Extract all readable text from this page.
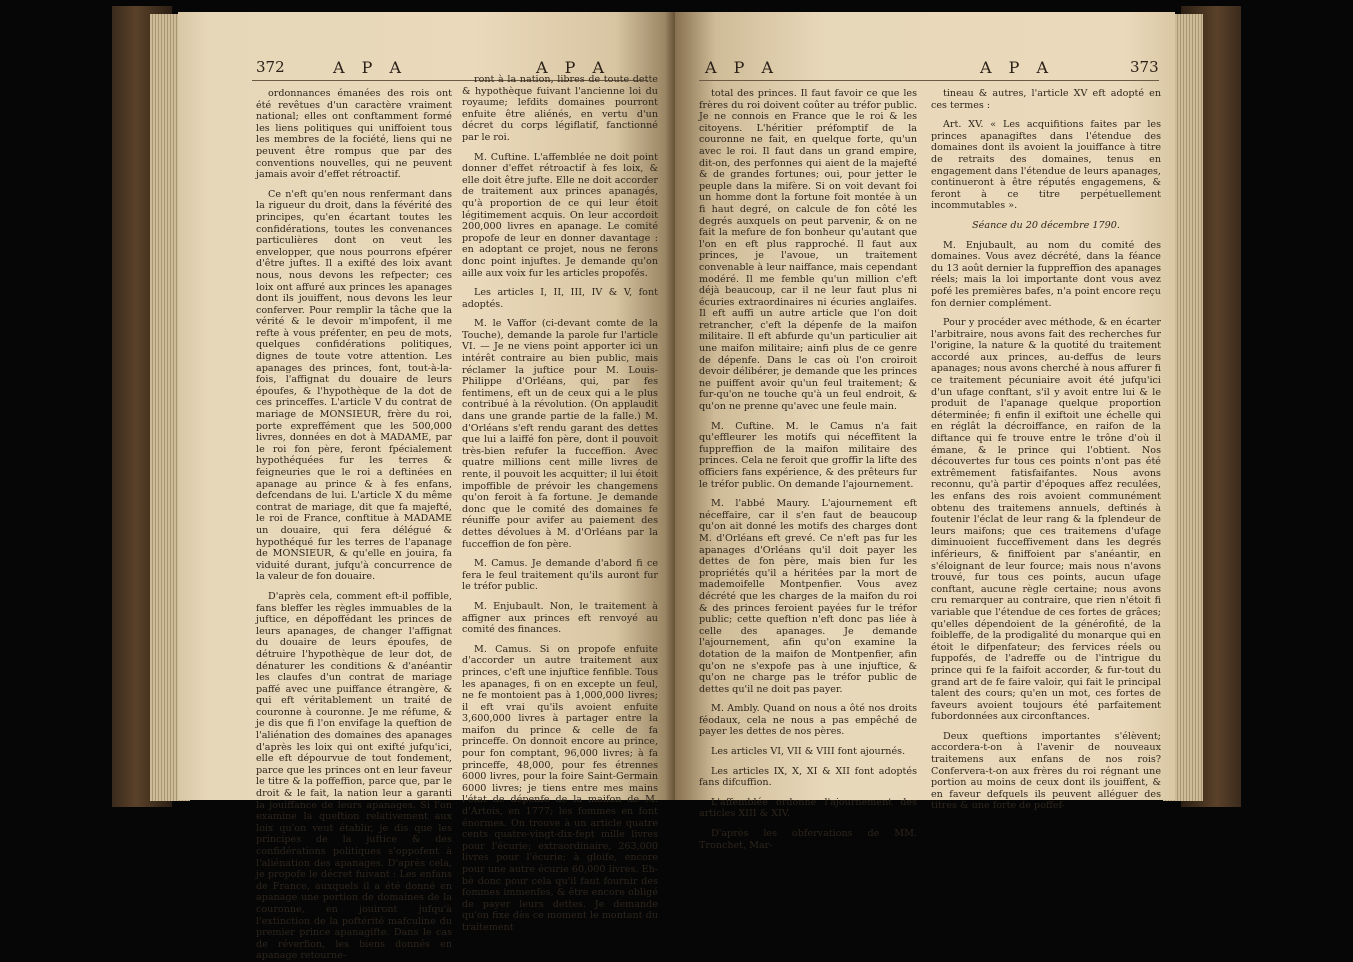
372	A P A	A P A

ordonnances émanées des rois ont été revêtues d'un caractère vraiment national; elles ont conftamment formé les liens politiques qui uniffoient tous les membres de la fociété, liens qui ne peuvent être rompus que par des conventions nouvelles, qui ne peuvent jamais avoir d'effet rétroactif.

Ce n'eft qu'en nous renfermant dans la rigueur du droit, dans la févérité des principes, qu'en écartant toutes les confidérations, toutes les convenances particulières dont on veut les envelopper, que nous pourrons efpérer d'être juftes. Il a exifté des loix avant nous, nous devons les refpecter; ces loix ont affuré aux princes les apanages dont ils jouiffent, nous devons les leur conferver. Pour remplir la tâche que la vérité & le devoir m'impofent, il me refte à vous préfenter, en peu de mots, quelques confidérations politiques, dignes de toute votre attention. Les apanages des princes, font, tout-à-la-fois, l'affignat du douaire de leurs époufes, & l'hypothèque de la dot de ces princeffes. L'article V du contrat de mariage de MONSIEUR, frère du roi, porte expreffément que les 500,000 livres, données en dot à MADAME, par le roi fon père, feront fpécialement hypothéquées fur les terres & feigneuries que le roi a deftinées en apanage au prince & à fes enfans, defcendans de lui. L'article X du même contrat de mariage, dit que fa majefté, le roi de France, conftitue à MADAME un douaire, qui fera délégué & hypothéqué fur les terres de l'apanage de MONSIEUR, & qu'elle en jouira, fa viduité durant, jufqu'à concurrence de la valeur de fon douaire.

D'après cela, comment eft-il poffible, fans bleffer les règles immuables de la juftice, en dépoffédant les princes de leurs apanages, de changer l'affignat du douaire de leurs époufes, de détruire l'hypothèque de leur dot, de dénaturer les conditions & d'anéantir les claufes d'un contrat de mariage paffé avec une puiffance étrangère, & qui eft véritablement un traité de couronne à couronne. Je me réfume, & je dis que fi l'on envifage la queftion de l'aliénation des domaines des apanages d'après les loix qui ont exifté jufqu'ici, elle eft dépourvue de tout fondement, parce que les princes ont en leur faveur le titre & la poffeffion, parce que, par le droit & le fait, la nation leur a garanti la jouiffance de leurs apanages. Si l'on examine la queftion relativement aux loix qu'on veut établir, je dis que les principes de la juftice & des confidérations politiques s'oppofent à l'aliénation des apanages. D'après cela, je propofe le décret fuivant : Les enfans de France, auxquels il a été donné en apanage une portion de domaines de la couronne, en jouiront jufqu'à l'extinction de la poftérité mafculine du premier prince apanagifte. Dans le cas de réverfion, les biens donnés en apanage retourne-

ront à la nation, libres de toute dette & hypothèque fuivant l'ancienne loi du royaume; lefdits domaines pourront enfuite être aliénés, en vertu d'un décret du corps légiflatif, fanctionné par le roi.

M. Cuftine. L'affemblée ne doit point donner d'effet rétroactif à fes loix, & elle doit être jufte. Elle ne doit accorder de traitement aux princes apanagés, qu'à proportion de ce qui leur étoit légitimement acquis. On leur accordoit 200,000 livres en apanage. Le comité propofe de leur en donner davantage : en adoptant ce projet, nous ne ferons donc point injuftes. Je demande qu'on aille aux voix fur les articles propofés.

Les articles I, II, III, IV & V, font adoptés.

M. le Vaffor (ci-devant comte de la Touche), demande la parole fur l'article VI. — Je ne viens point apporter ici un intérêt contraire au bien public, mais réclamer la juftice pour M. Louis-Philippe d'Orléans, qui, par fes fentimens, eft un de ceux qui a le plus contribué à la révolution. (On applaudit dans une grande partie de la falle.) M. d'Orléans s'eft rendu garant des dettes que lui a laiffé fon père, dont il pouvoit très-bien refufer la fucceffion. Avec quatre millions cent mille livres de rente, il pouvoit les acquitter; il lui étoit impoffible de prévoir les changemens qu'on feroit à fa fortune. Je demande donc que le comité des domaines fe réuniffe pour avifer au paiement des dettes dévolues à M. d'Orléans par la fucceffion de fon père.

M. Camus. Je demande d'abord fi ce fera le feul traitement qu'ils auront fur le tréfor public.

M. Enjubault. Non, le traitement à affigner aux princes eft renvoyé au comité des finances.

M. Camus. Si on propofe enfuite d'accorder un autre traitement aux princes, c'eft une injuftice fenfible. Tous les apanages, fi on en excepte un feul, ne fe montoient pas à 1,000,000 livres; il eft vrai qu'ils avoient enfuite 3,600,000 livres à partager entre la maifon du prince & celle de fa princeffe. On donnoit encore au prince, pour fon comptant, 96,000 livres; à fa princeffe, 48,000, pour fes étrennes 6000 livres, pour la foire Saint-Germain 6000 livres; je tiens entre mes mains l'état de dépenfe de la maifon de M. d'Artois, en 1777; les fommes en font énormes. On trouve à un article quatre cents quatre-vingt-dix-fept mille livres pour l'écurie; extraordinaire, 263,000 livres pour l'écurie; à gloife, encore pour une autre écurie 60,000 livres. Eh-bè donc pour cela qu'il faut fournir des fommes immenfes, & être encore obligé de payer leurs dettes. Je demande qu'on fixe dès ce moment le montant du traitement

A P A	A P A	373

total des princes. Il faut favoir ce que les frères du roi doivent coûter au tréfor public. Je ne connois en France que le roi & les citoyens. L'héritier préfomptif de la couronne ne fait, en quelque forte, qu'un avec le roi. Il faut dans un grand empire, dit-on, des perfonnes qui aient de la majefté & de grandes fortunes; oui, pour jetter le peuple dans la mifère. Si on voit devant foi un homme dont la fortune foit montée à un fi haut degré, on calcule de fon côté les degrés auxquels on peut parvenir, & on ne fait la mefure de fon bonheur qu'autant que l'on en eft plus rapproché. Il faut aux princes, je l'avoue, un traitement convenable à leur naiffance, mais cependant modéré. Il me femble qu'un million c'eft déjà beaucoup, car il ne leur faut plus ni écuries extraordinaires ni écuries anglaifes. Il eft auffi un autre article que l'on doit retrancher, c'eft la dépenfe de la maifon militaire. Il eft abfurde qu'un particulier ait une maifon militaire; ainfi plus de ce genre de dépenfe. Dans le cas où l'on croiroit devoir délibérer, je demande que les princes ne puiffent avoir qu'un feul traitement; & fur-qu'on ne touche qu'à un feul endroit, & qu'on ne prenne qu'avec une feule main.

M. Cuftine. M. le Camus n'a fait qu'effleurer les motifs qui néceffitent la fuppreffion de la maifon militaire des princes. Cela ne feroit que groffir la lifte des officiers fans expérience, & des prêteurs fur le tréfor public. On demande l'ajournement.

M. l'abbé Maury. L'ajournement eft néceffaire, car il s'en faut de beaucoup qu'on ait donné les motifs des charges dont M. d'Orléans eft grevé. Ce n'eft pas fur les apanages d'Orléans qu'il doit payer les dettes de fon père, mais bien fur les propriétés qu'il a héritées par la mort de mademoifelle Montpenfier. Vous avez décrété que les charges de la maifon du roi & des princes feroient payées fur le tréfor public; cette queftion n'eft donc pas liée à celle des apanages. Je demande l'ajournement, afin qu'on examine la dotation de la maifon de Montpenfier, afin qu'on ne s'expofe pas à une injuftice, & qu'on ne charge pas le tréfor public de dettes qu'il ne doit pas payer.

M. Ambly. Quand on nous a ôté nos droits féodaux, cela ne nous a pas empêché de payer les dettes de nos pères.

Les articles VI, VII & VIII font ajournés.

Les articles IX, X, XI & XII font adoptés fans difcuffion.

L'affemblée ordonne l'ajournement des articles XIII & XIV.

D'après les obfervations de MM. Tronchet, Mar-

tineau & autres, l'article XV eft adopté en ces termes :

Art. XV. « Les acquifitions faites par les princes apanagiftes dans l'étendue des domaines dont ils avoient la jouiffance à titre de retraits des domaines, tenus en engagement dans l'étendue de leurs apanages, continueront à être réputés engagemens, & feront à ce titre perpétuellement incommutables ».

Séance du 20 décembre 1790.

M. Enjubault, au nom du comité des domaines. Vous avez décrété, dans la féance du 13 août dernier la fuppreffion des apanages réels; mais la loi importante dont vous avez pofé les premières bafes, n'a point encore reçu fon dernier complément.

Pour y procéder avec méthode, & en écarter l'arbitraire, nous avons fait des recherches fur l'origine, la nature & la quotité du traitement accordé aux princes, au-deffus de leurs apanages; nous avons cherché à nous affurer fi ce traitement pécuniaire avoit été jufqu'ici d'un ufage conftant, s'il y avoit entre lui & le produit de l'apanage quelque proportion déterminée; fi enfin il exiftoit une échelle qui en réglât la décroiffance, en raifon de la diftance qui fe trouve entre le trône d'où il émane, & le prince qui l'obtient. Nos découvertes fur tous ces points n'ont pas été extrêmement fatisfaifantes. Nous avons reconnu, qu'à partir d'époques affez reculées, les enfans des rois avoient communément obtenu des traitemens annuels, deftinés à foutenir l'éclat de leur rang & la fplendeur de leurs maifons; que ces traitemens d'ufage diminuoient fucceffivement dans les degrés inférieurs, & finiffoient par s'anéantir, en s'éloignant de leur fource; mais nous n'avons trouvé, fur tous ces points, aucun ufage conftant, aucune règle certaine; nous avons cru remarquer au contraire, que rien n'étoit fi variable que l'étendue de ces fortes de grâces; qu'elles dépendoient de la générofité, de la foibleffe, de la prodigalité du monarque qui en étoit le difpenfateur; des fervices réels ou fuppofés, de l'adreffe ou de l'intrigue du prince qui fe la faifoit accorder, & fur-tout du grand art de fe faire valoir, qui fait le principal talent des cours; qu'en un mot, ces fortes de faveurs avoient toujours été parfaitement fubordonnées aux circonftances.

Deux queftions importantes s'élèvent; accordera-t-on à l'avenir de nouveaux traitemens aux enfans de nos rois? Confervera-t-on aux frères du roi régnant une portion au moins de ceux dont ils jouiffent, & en faveur defquels ils peuvent alléguer des titres & une forte de poffef-
